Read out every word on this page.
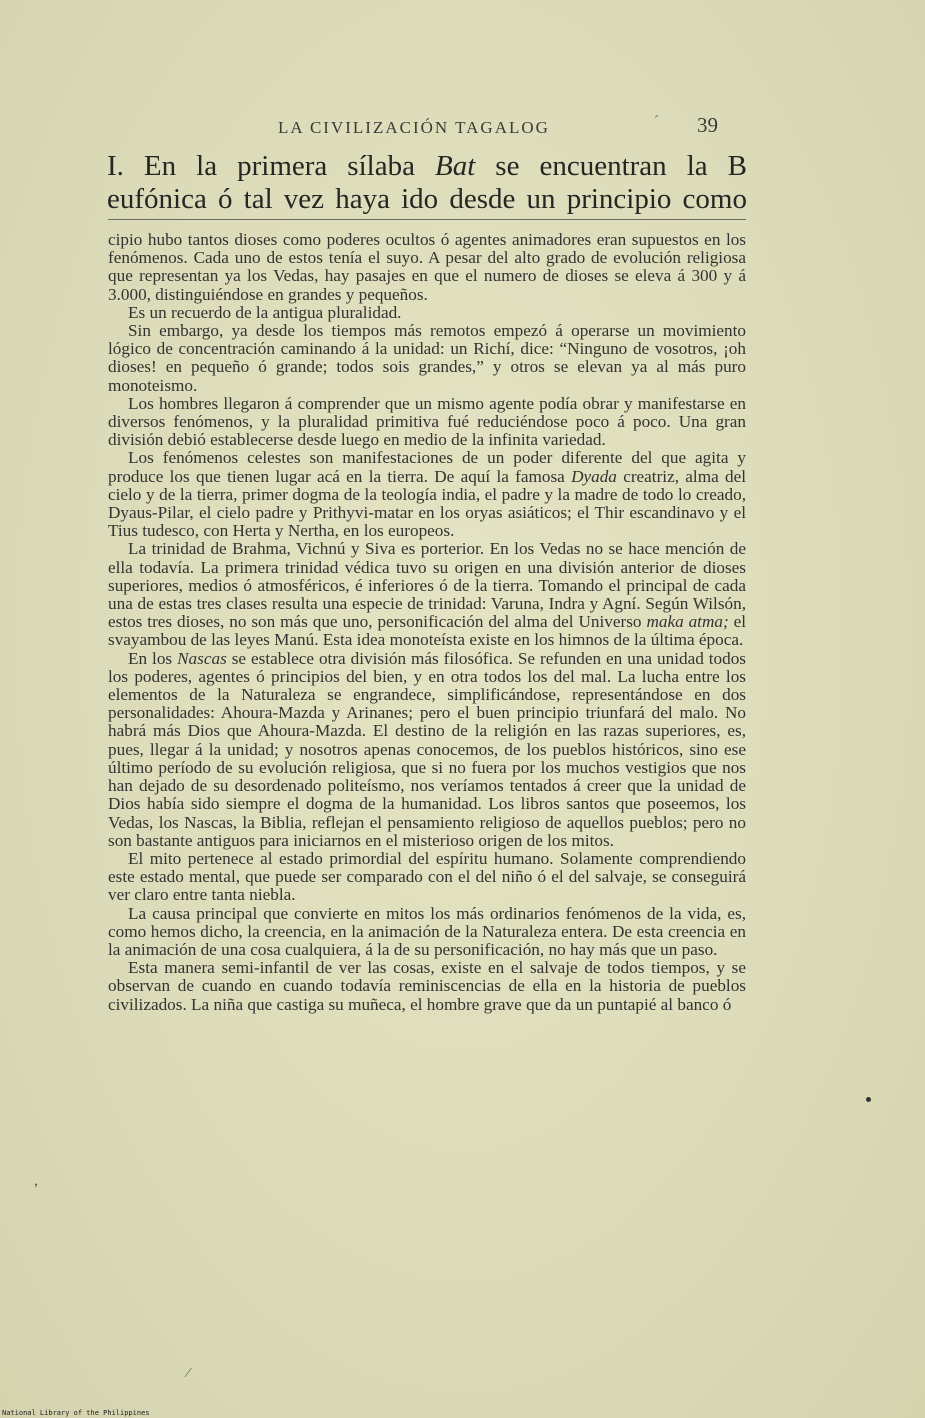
LA CIVILIZACIÓN TAGALOG	39
ˊ
I. En la primera sílaba Bat se encuentran la B
eufónica ó tal vez haya ido desde un principio como

cipio hubo tantos dioses como poderes ocultos ó agentes animadores eran supuestos en los fenómenos. Cada uno de estos tenía el suyo. A pesar del alto grado de evolución religiosa que representan ya los Vedas, hay pasajes en que el numero de dioses se eleva á 300 y á 3.000, distinguiéndose en grandes y pequeños.

Es un recuerdo de la antigua pluralidad.

Sin embargo, ya desde los tiempos más remotos empezó á operarse un movimiento lógico de concentración caminando á la unidad: un Richí, dice: “Ninguno de vosotros, ¡oh dioses! en pequeño ó grande; todos sois grandes,” y otros se elevan ya al más puro monoteismo.

Los hombres llegaron á comprender que un mismo agente podía obrar y manifestarse en diversos fenómenos, y la pluralidad primitiva fué reduciéndose poco á poco. Una gran división debió establecerse desde luego en medio de la infinita variedad.

Los fenómenos celestes son manifestaciones de un poder diferente del que agita y produce los que tienen lugar acá en la tierra. De aquí la famosa Dyada creatriz, alma del cielo y de la tierra, primer dogma de la teología india, el padre y la madre de todo lo creado, Dyaus-Pilar, el cielo padre y Prithyvi-matar en los oryas asiáticos; el Thir escandinavo y el Tius tudesco, con Herta y Nertha, en los europeos.

La trinidad de Brahma, Vichnú y Siva es porterior. En los Vedas no se hace mención de ella todavía. La primera trinidad védica tuvo su origen en una división anterior de dioses superiores, medios ó atmosféricos, é inferiores ó de la tierra. Tomando el principal de cada una de estas tres clases resulta una especie de trinidad: Varuna, Indra y Agní. Según Wilsón, estos tres dioses, no son más que uno, personificación del alma del Universo maka atma; el svayambou de las leyes Manú. Esta idea monoteísta existe en los himnos de la última época.

En los Nascas se establece otra división más filosófica. Se refunden en una unidad todos los poderes, agentes ó principios del bien, y en otra todos los del mal. La lucha entre los elementos de la Naturaleza se engrandece, simplificándose, representándose en dos personalidades: Ahoura-Mazda y Arinanes; pero el buen principio triunfará del malo. No habrá más Dios que Ahoura-Mazda. El destino de la religión en las razas superiores, es, pues, llegar á la unidad; y nosotros apenas conocemos, de los pueblos históricos, sino ese último período de su evolución religiosa, que si no fuera por los muchos vestigios que nos han dejado de su desordenado politeísmo, nos veríamos tentados á creer que la unidad de Dios había sido siempre el dogma de la humanidad. Los libros santos que poseemos, los Vedas, los Nascas, la Biblia, reflejan el pensamiento religioso de aquellos pueblos; pero no son bastante antiguos para iniciarnos en el misterioso origen de los mitos.

El mito pertenece al estado primordial del espíritu humano. Solamente comprendiendo este estado mental, que puede ser comparado con el del niño ó el del salvaje, se conseguirá ver claro entre tanta niebla.

La causa principal que convierte en mitos los más ordinarios fenómenos de la vida, es, como hemos dicho, la creencia, en la animación de la Naturaleza entera. De esta creencia en la animación de una cosa cualquiera, á la de su personificación, no hay más que un paso.

Esta manera semi-infantil de ver las cosas, existe en el salvaje de todos tiempos, y se observan de cuando en cuando todavía reminiscencias de ella en la historia de pueblos civilizados. La niña que castiga su muñeca, el hombre grave que da un puntapié al banco ó

,
⁄
National Library of the Philippines
